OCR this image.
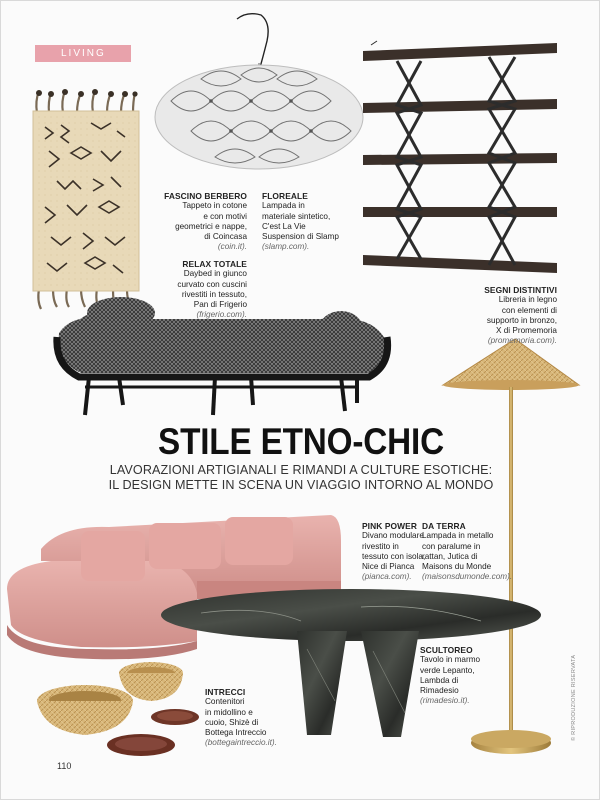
LIVING
FASCINO BERBERO
Tappeto in cotone
e con motivi
geometrici e nappe,
di Coincasa
(coin.it).
FLOREALE
Lampada in
materiale sintetico,
C'est La Vie
Suspension di Slamp
(slamp.com).
RELAX TOTALE
Daybed in giunco
curvato con cuscini
rivestiti in tessuto,
Pan di Frigerio
(frigerio.com).
SEGNI DISTINTIVI
Libreria in legno
con elementi di
supporto in bronzo,
X di Promemoria
(promemoria.com).
STILE ETNO-CHIC
LAVORAZIONI ARTIGIANALI E RIMANDI A CULTURE ESOTICHE:
IL DESIGN METTE IN SCENA UN VIAGGIO INTORNO AL MONDO
PINK POWER
Divano modulare
rivestito in
tessuto con isola,
Nice di Pianca
(pianca.com).
DA TERRA
Lampada in metallo
con paralume in
rattan, Jutica di
Maisons du Monde
(maisonsdumonde.com).
SCULTOREO
Tavolo in marmo
verde Lepanto,
Lambda di
Rimadesio
(rimadesio.it).
INTRECCI
Contenitori
in midollino e
cuoio, Shizè di
Bottega Intreccio
(bottegaintreccio.it).
110
© RIPRODUZIONE RISERVATA
